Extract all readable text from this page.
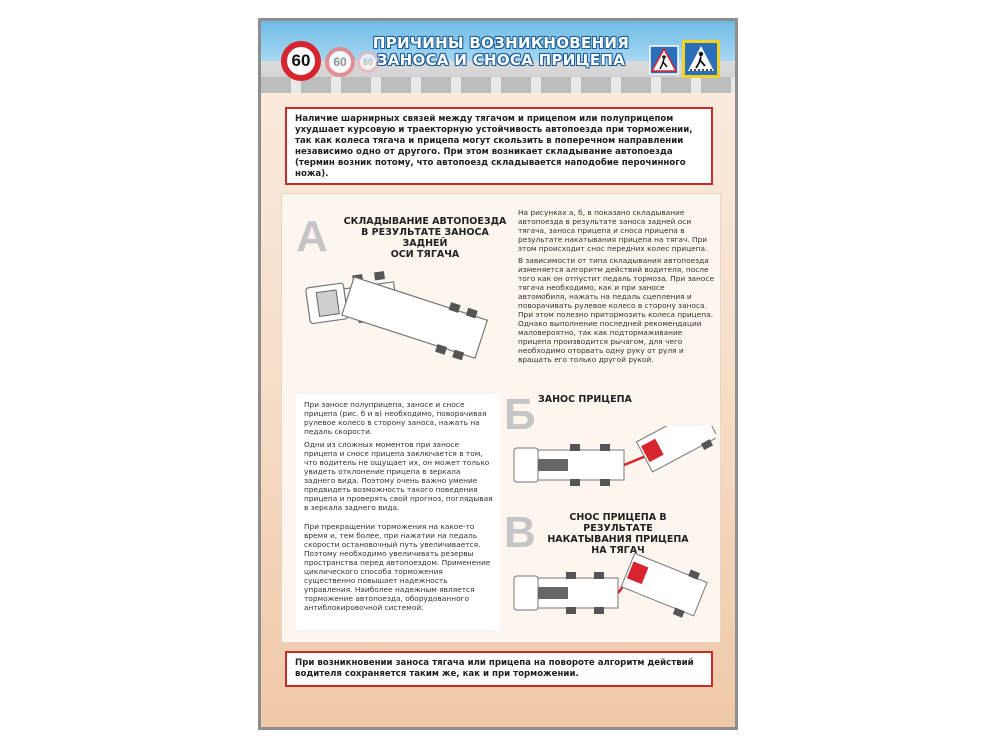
60 60 60
ПРИЧИНЫ ВОЗНИКНОВЕНИЯ
ЗАНОСА И СНОСА ПРИЦЕПА
Наличие шарнирных связей между тягачом и прицепом или полуприцепом ухудшает курсовую и траекторную устойчивость автопоезда при торможении, так как колеса тягача и прицепа могут скользить в поперечном направлении независимо одно от другого. При этом возникает складывание автопоезда (термин возник потому, что автопоезд складывается наподобие перочинного ножа).
А	СКЛАДЫВАНИЕ АВТОПОЕЗДА
В РЕЗУЛЬТАТЕ ЗАНОСА ЗАДНЕЙ
ОСИ ТЯГАЧА

На рисунках а, б, в показано складывание автопоезда в результате заноса задней оси тягача, заноса прицепа и сноса прицепа в результате накатывания прицепа на тягач. При этом происходит снос передних колес прицепа.

В зависимости от типа складывания автопоезда изменяется алгоритм действий водителя, после того как он отпустит педаль тормоза. При заносе тягача необходимо, как и при заносе автомобиля, нажать на педаль сцепления и поворачивать рулевое колесо в сторону заноса. При этом полезно притормозить колеса прицепа. Однако выполнение последней рекомендации маловероятно, так как подтормаживание прицепа производится рычагом, для чего необходимо оторвать одну руку от руля и вращать его только другой рукой.

При заносе полуприцепа, заносе и сносе прицепа (рис. б и в) необходимо, поворачивая рулевое колесо в сторону заноса, нажать на педаль скорости.

Одни из сложных моментов при заносе прицепа и сносе прицепа заключается в том, что водитель не ощущает их, он может только увидеть отклонение прицепа в зеркала заднего вида. Поэтому очень важно умение предвидеть возможность такого поведения прицепа и проверять свой прогноз, поглядывая в зеркала заднего вида.

При прекращении торможения на какое-то время и, тем более, при нажатии на педаль скорости остановочный путь увеличивается. Поэтому необходимо увеличивать резервы пространства перед автопоездом. Применение циклического способа торможения существенно повышает надежность управления. Наиболее надежным является торможение автопоезда, оборудованного антиблокировочной системой.

Б ЗАНОС ПРИЦЕПА
В	СНОС ПРИЦЕПА В РЕЗУЛЬТАТЕ
НАКАТЫВАНИЯ ПРИЦЕПА
НА ТЯГАЧ
При возникновении заноса тягача или прицепа на повороте алгоритм действий водителя сохраняется таким же, как и при торможении.
